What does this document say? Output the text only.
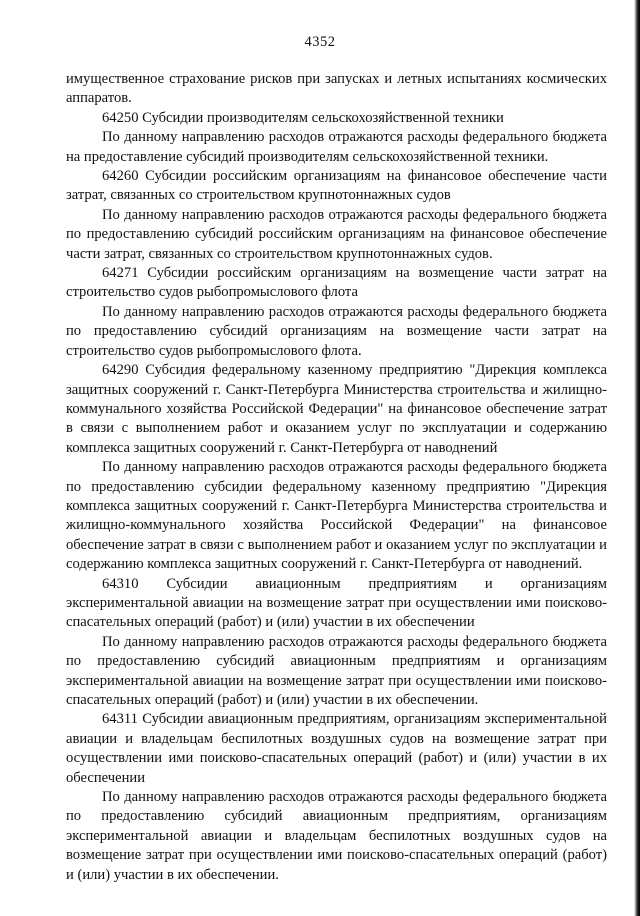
4352

имущественное страхование рисков при запусках и летных испытаниях космических аппаратов.

64250 Субсидии производителям сельскохозяйственной техники

По данному направлению расходов отражаются расходы федерального бюджета на предоставление субсидий производителям сельскохозяйственной техники.

64260 Субсидии российским организациям на финансовое обеспечение части затрат, связанных со строительством крупнотоннажных судов

По данному направлению расходов отражаются расходы федерального бюджета по предоставлению субсидий российским организациям на финансовое обеспечение части затрат, связанных со строительством крупнотоннажных судов.

64271 Субсидии российским организациям на возмещение части затрат на строительство судов рыбопромыслового флота

По данному направлению расходов отражаются расходы федерального бюджета по предоставлению субсидий организациям на возмещение части затрат на строительство судов рыбопромыслового флота.

64290 Субсидия федеральному казенному предприятию "Дирекция комплекса защитных сооружений г. Санкт-Петербурга Министерства строительства и жилищно-коммунального хозяйства Российской Федерации" на финансовое обеспечение затрат в связи с выполнением работ и оказанием услуг по эксплуатации и содержанию комплекса защитных сооружений г. Санкт-Петербурга от наводнений

По данному направлению расходов отражаются расходы федерального бюджета по предоставлению субсидии федеральному казенному предприятию "Дирекция комплекса защитных сооружений г. Санкт-Петербурга Министерства строительства и жилищно-коммунального хозяйства Российской Федерации" на финансовое обеспечение затрат в связи с выполнением работ и оказанием услуг по эксплуатации и содержанию комплекса защитных сооружений г. Санкт-Петербурга от наводнений.

64310 Субсидии авиационным предприятиям и организациям экспериментальной авиации на возмещение затрат при осуществлении ими поисково-спасательных операций (работ) и (или) участии в их обеспечении

По данному направлению расходов отражаются расходы федерального бюджета по предоставлению субсидий авиационным предприятиям и организациям экспериментальной авиации на возмещение затрат при осуществлении ими поисково-спасательных операций (работ) и (или) участии в их обеспечении.

64311 Субсидии авиационным предприятиям, организациям экспериментальной авиации и владельцам беспилотных воздушных судов на возмещение затрат при осуществлении ими поисково-спасательных операций (работ) и (или) участии в их обеспечении

По данному направлению расходов отражаются расходы федерального бюджета по предоставлению субсидий авиационным предприятиям, организациям экспериментальной авиации и владельцам беспилотных воздушных судов на возмещение затрат при осуществлении ими поисково-спасательных операций (работ) и (или) участии в их обеспечении.
